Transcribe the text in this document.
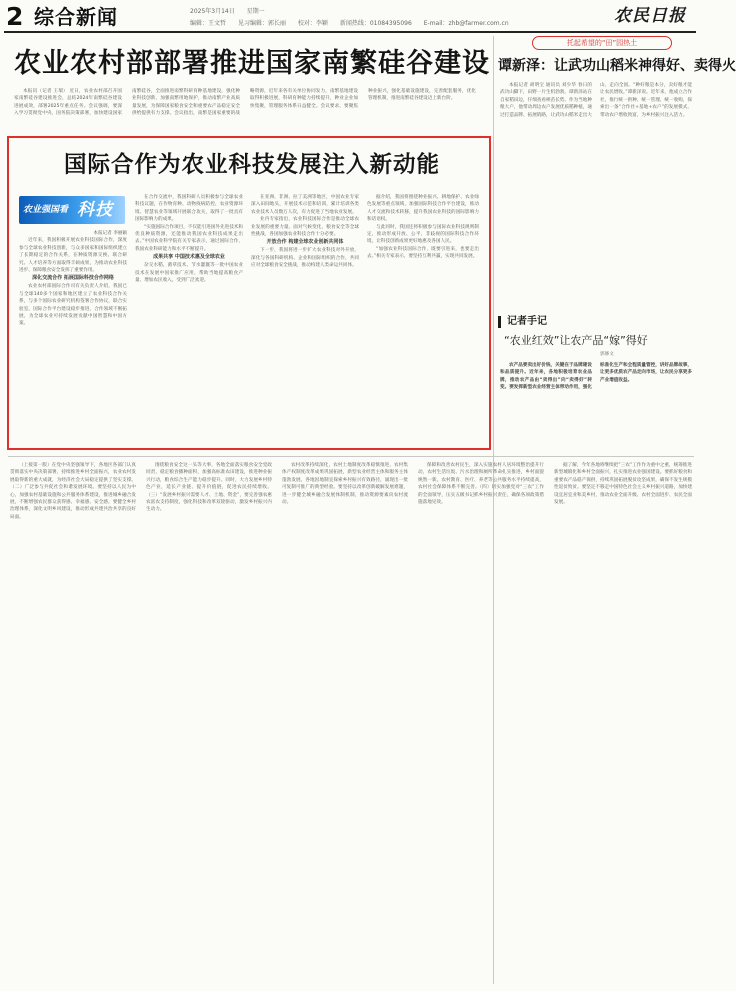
2 综合新闻	2025年3月14日 星期一
编辑：王文哲 见习编辑：郭长丽 校对：李颖 新闻热线：01084395096 E-mail：zhb@farmer.com.cn	农民日报
农业农村部部署推进国家南繁硅谷建设

本报讯（记者 王瑞） 近日，农业农村部召开国家南繁硅谷建设推进会，总结2024年南繁硅谷建设进展成效，部署2025年重点任务。会议强调，要深入学习贯彻党中央、国务院决策部署，加快建设国家南繁硅谷，全面推进南繁科研育种基地建设，强化种业科技创新，加强南繁用地保护，推动南繁产业高质量发展，为保障国家粮食安全和重要农产品稳定安全供给提供有力支撑。会议指出，南繁是国家重要的战略资源，近年来各有关单位协同发力，南繁基地建设取得积极进展，科研育种能力持续提升，种业企业加快集聚，管理服务体系日益健全。会议要求，要聚焦种业振兴，强化基础设施建设，完善配套服务，优化管理机制，推进南繁硅谷建设迈上新台阶。

国际合作为农业科技发展注入新动能
农业强国看 科技

本报记者 李丽颖

近年来，我国积极开展农业科技国际合作，深度参与全球农业科技创新，与众多国家和国际组织建立了长期稳定的合作关系，在种质资源交换、联合研究、人才培养等方面取得丰硕成果，为推动农业科技进步、保障粮食安全发挥了重要作用。

深化交流合作 拓展国际科技合作网络

农业农村部国际合作司有关负责人介绍，我国已与全球140多个国家和地区建立了农业科技合作关系，与多个国际农业研究机构签署合作协议，联合实验室、国际合作平台建设稳步推进，合作领域不断拓展，为全球农业可持续发展贡献中国智慧和中国方案。

在合作交流中，我国科研人员积极参与全球农业科技议题，在作物育种、动物疫病防控、农业资源环境、智慧农业等领域开展联合攻关，取得了一批具有国际影响力的成果。

“实施国际合作项目，不仅能引进国外先进技术和优良种质资源，还能推动我国农业科技成果走出去。”中国农业科学院有关专家表示，通过国际合作，我国农业科研能力和水平不断提升。

成果共享 中国技术惠及全球农业

杂交水稻、菌草技术、节水灌溉等一批中国农业技术在发展中国家推广应用，帮助当地提高粮食产量、增加农民收入，受到广泛欢迎。

在亚洲、非洲、拉丁美洲等地区，中国农业专家深入田间地头，开展技术示范和培训，累计培训各类农业技术人员数万人次，有力促进了当地农业发展。

业内专家指出，农业科技国际合作是推动全球农业发展的重要力量。面对气候变化、粮食安全等全球性挑战，各国加强农业科技合作十分必要。

开放合作 构建全球农业创新共同体

下一步，我国将进一步扩大农业科技对外开放，深化与各国科研机构、企业和国际组织的合作，共同应对全球粮食安全挑战，推动构建人类命运共同体。

据介绍，我国将围绕种业振兴、耕地保护、农业绿色发展等重点领域，加强国际科技合作平台建设，推动人才交流和技术转移，提升我国农业科技的国际影响力和话语权。

与此同时，我国还将积极参与国际农业科技规则制定，推动形成开放、公平、非歧视的国际科技合作环境，让科技创新成果更好地惠及各国人民。

“加强农业科技国际合作，既要引进来，也要走出去。”相关专家表示，要坚持互利共赢，实现共同发展。

托起希望的“田”园热土
谭新泽：让武功山稻米神得好、卖得火

本报记者 胡明宝 通讯员 刘少华 春日的武功山脚下，田野一片生机勃勃。谭新泽站在自家稻田边，仔细查看秧苗长势。作为当地种粮大户，他带动周边农户发展优质稻种植，通过打造品牌、拓展销路，让武功山稻米走出大山、走向全国。“种好粮是本分，卖好粮才能让农民增收。”谭新泽说。近年来，他成立合作社，推行统一供种、统一管理、统一收购，探索出一条“合作社+基地+农户”的发展模式，带动农户增收致富，为乡村振兴注入活力。

记者手记
“农业红效”让农产品“嫁”得好
郭修文

农产品要卖出好价钱，关键在于品牌建设和品质提升。近年来，各地积极培育农业品牌，推动农产品由“卖得出”向“卖得好”转变。要发挥新型农业经营主体带动作用，强化标准化生产和全程质量管控，讲好品牌故事，让更多优质农产品走向市场，让农民分享更多产业增值收益。

（上接第一版）在党中央坚强领导下，各地区各部门认真贯彻落实中央决策部署，持续推进乡村全面振兴，农业农村发展取得新的重大成就，为经济社会大局稳定提供了坚实支撑。（二）广泛参与共促社会和谐发展环境。要坚持以人民为中心，加强农村基础设施和公共服务体系建设，推进城乡融合发展，不断增强农民群众获得感、幸福感、安全感。要健全乡村治理体系，深化文明乡风建设，推动形成共建共治共享的良好局面。

围绕粮食安全这一头等大事，各地全面落实粮食安全党政同责，稳定粮食播种面积，加强高标准农田建设，推进种业振兴行动，粮食综合生产能力稳步提升。同时，大力发展乡村特色产业，延长产业链、提升价值链，促进农民持续增收。（三）“发展乡村振兴需要人才、土地、资金”，要完善强农惠农富农支持制度，强化科技和改革双轮驱动，激发乡村振兴内生动力。

农村改革持续深化，农村土地制度改革稳慎推进，农村集体产权制度改革成果巩固拓展，新型农业经营主体和服务主体蓬勃发展。各地因地制宜探索乡村振兴有效路径，涌现出一批可复制可推广的典型经验。要坚持以改革创新破解发展难题，进一步健全城乡融合发展体制机制，推动资源要素向农村流动。

保障和改善农村民生，深入实施农村人居环境整治提升行动，农村生活垃圾、污水治理和厕所革命扎实推进，乡村面貌焕然一新。农村教育、医疗、养老等公共服务水平持续提高，农村社会保障体系不断完善。（四）切实加强党对“三农”工作的全面领导，压实五级书记抓乡村振兴责任，确保各项政策措施落地见效。

据了解，今年各地将继续把“三农”工作作为重中之重，统筹推进新型城镇化和乡村全面振兴，扎实推进农业强国建设。要抓好粮食和重要农产品稳产保供，持续巩固拓展脱贫攻坚成果，确保不发生规模性返贫致贫。要坚定不移走中国特色社会主义乡村振兴道路，加快建设宜居宜业和美乡村，推动农业全面升级、农村全面进步、农民全面发展。
